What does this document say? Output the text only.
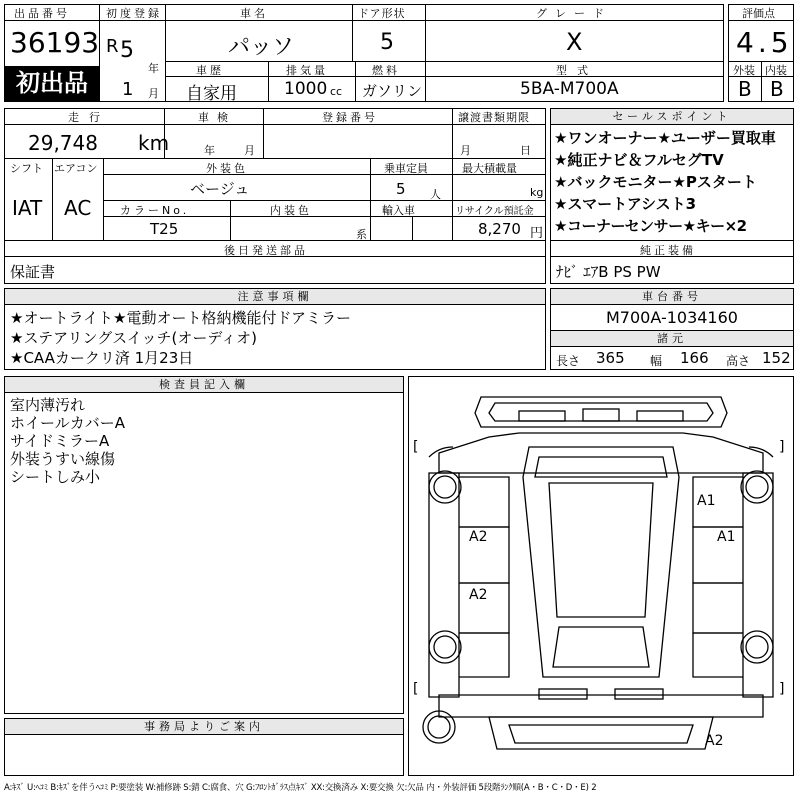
出品番号
36193
初出品
初度登録
R 5
年
1 月
車名
パッソ
ドア形状
5
グレード
X
車歴
自家用
排気量
1000 cc
燃料
ガソリン
型式
5BA-M700A
評価点
4.5
外装 内装
B B
走行
29,748 km
車検
年	月
登録番号	譲渡書類期限
月	日
シフト エアコン
IAT AC
外装色
ベージュ
乗車定員
5 人
最大積載量
kg
カラーNo.
T25
内装色
系
輸入車	リサイクル預託金
8,270 円
後日発送部品
保証書
セールスポイント
★ワンオーナー★ユーザー買取車
★純正ナビ＆フルセグTV
★バックモニター★Pスタート
★スマートアシスト3
★コーナーセンサー★キー×2
純正装備
ﾅﾋﾞ ｴｱB PS PW
注意事項欄
★オートライト★電動オート格納機能付ドアミラー
★ステアリングスイッチ(オーディオ)
★CAAカークリ済 1月23日
車台番号
M700A-1034160
諸元
長さ 365 幅 166 高さ 152
検査員記入欄
室内薄汚れ
ホイールカバーA
サイドミラーA
外装うすい線傷
シートしみ小
事務局よりご案内
[	]
[	]
A1
A1
A2
A2
A2
A:ｷｽﾞ U:ﾍｺﾐ B:ｷｽﾞを伴うﾍｺﾐ P:要塗装 W:補修跡 S:錆 C:腐食、穴 G:ﾌﾛﾝﾄｶﾞﾗｽ点ｷｽﾞ XX:交換済み X:要交換 欠:欠品 内・外装評価 5段階ﾗﾝｸ順(A・B・C・D・E) 2
